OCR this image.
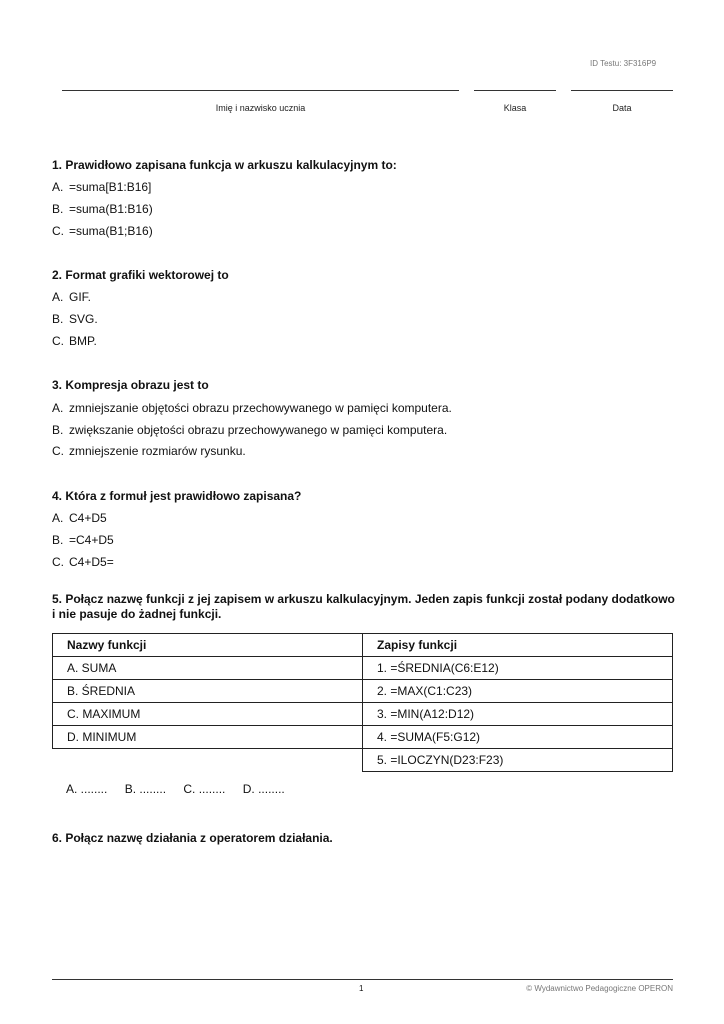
ID Testu: 3F316P9
Imię i nazwisko ucznia	Klasa	Data
1. Prawidłowo zapisana funkcja w arkuszu kalkulacyjnym to:
A. =suma[B1:B16]
B. =suma(B1:B16)
C. =suma(B1;B16)
2. Format grafiki wektorowej to
A. GIF.
B. SVG.
C. BMP.
3. Kompresja obrazu jest to
A. zmniejszanie objętości obrazu przechowywanego w pamięci komputera.
B. zwiększanie objętości obrazu przechowywanego w pamięci komputera.
C. zmniejszenie rozmiarów rysunku.
4. Która z formuł jest prawidłowo zapisana?
A. C4+D5
B. =C4+D5
C. C4+D5=
5. Połącz nazwę funkcji z jej zapisem w arkuszu kalkulacyjnym. Jeden zapis funkcji został podany dodatkowo i nie pasuje do żadnej funkcji.
Nazwy funkcji	Zapisy funkcji
A. SUMA	1. =ŚREDNIA(C6:E12)
B. ŚREDNIA	2. =MAX(C1:C23)
C. MAXIMUM	3. =MIN(A12:D12)
D. MINIMUM	4. =SUMA(F5:G12)
	5. =ILOCZYN(D23:F23)
A. ........ B. ........ C. ........ D. ........
6. Połącz nazwę działania z operatorem działania.
1	© Wydawnictwo Pedagogiczne OPERON
